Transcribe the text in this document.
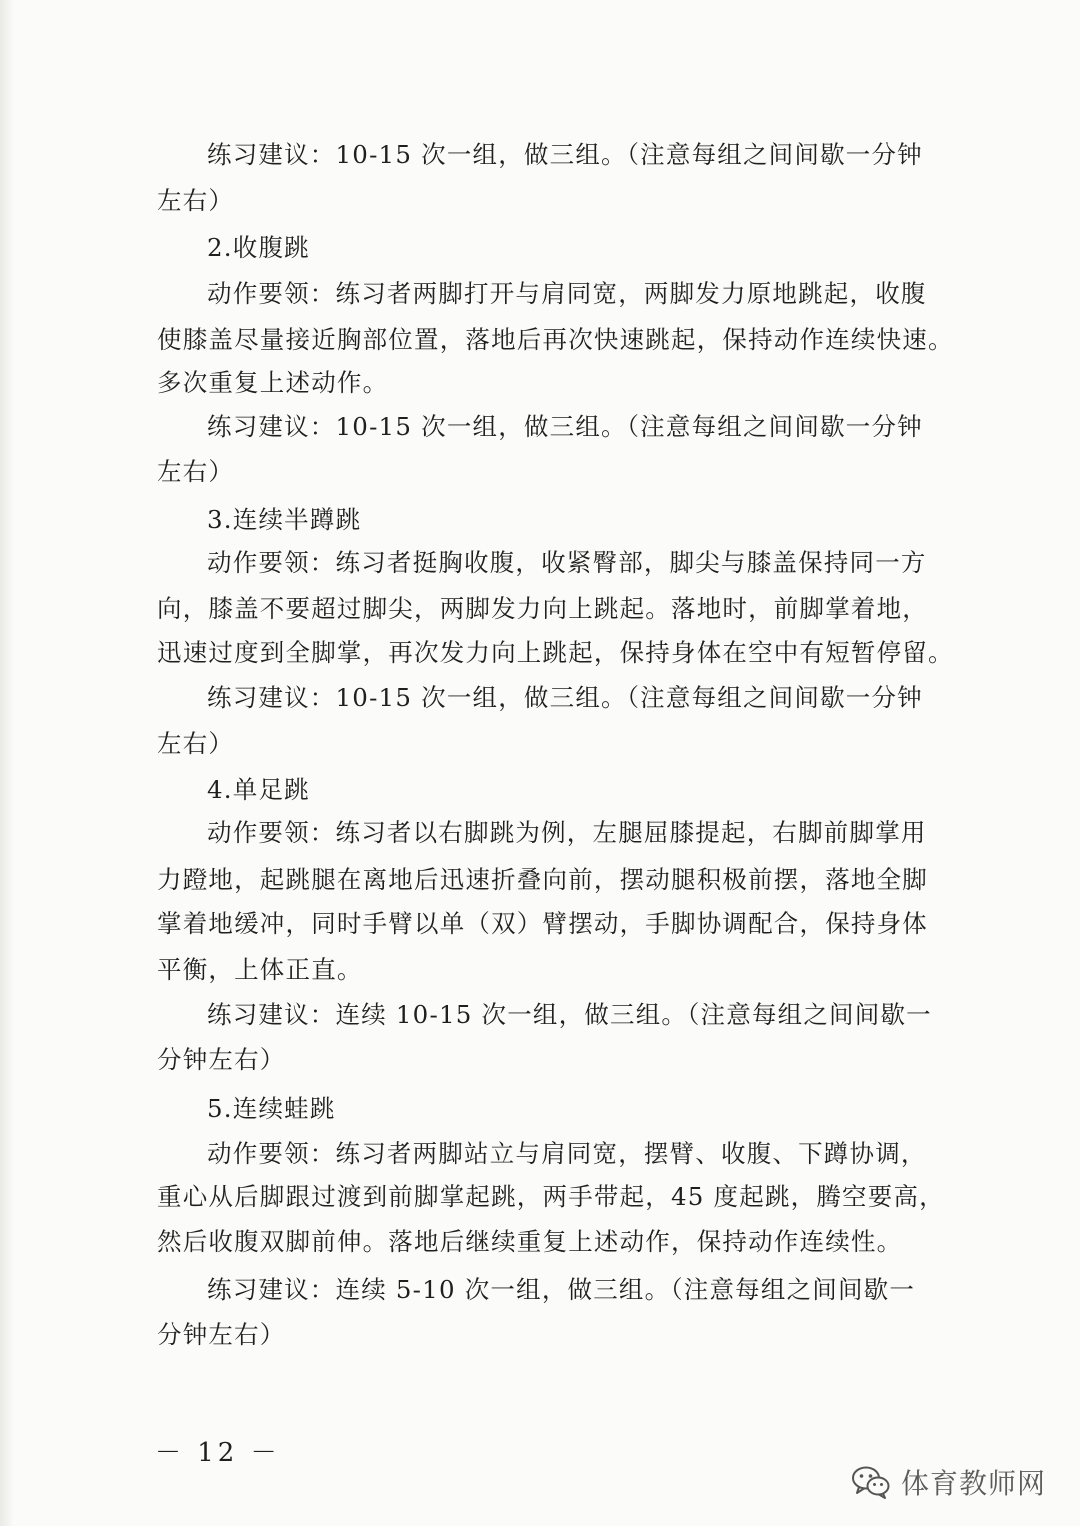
练习建议：10-15 次一组，做三组。（注意每组之间间歇一分钟
左右）
2.收腹跳
动作要领：练习者两脚打开与肩同宽，两脚发力原地跳起，收腹
使膝盖尽量接近胸部位置，落地后再次快速跳起，保持动作连续快速。
多次重复上述动作。
练习建议：10-15 次一组，做三组。（注意每组之间间歇一分钟
左右）
3.连续半蹲跳
动作要领：练习者挺胸收腹，收紧臀部，脚尖与膝盖保持同一方
向，膝盖不要超过脚尖，两脚发力向上跳起。落地时，前脚掌着地，
迅速过度到全脚掌，再次发力向上跳起，保持身体在空中有短暂停留。
练习建议：10-15 次一组，做三组。（注意每组之间间歇一分钟
左右）
4.单足跳
动作要领：练习者以右脚跳为例，左腿屈膝提起，右脚前脚掌用
力蹬地，起跳腿在离地后迅速折叠向前，摆动腿积极前摆，落地全脚
掌着地缓冲，同时手臂以单（双）臂摆动，手脚协调配合，保持身体
平衡，上体正直。
练习建议：连续 10-15 次一组，做三组。（注意每组之间间歇一
分钟左右）
5.连续蛙跳
动作要领：练习者两脚站立与肩同宽，摆臂、收腹、下蹲协调，
重心从后脚跟过渡到前脚掌起跳，两手带起，45 度起跳，腾空要高，
然后收腹双脚前伸。落地后继续重复上述动作，保持动作连续性。
练习建议：连续 5-10 次一组，做三组。（注意每组之间间歇一
分钟左右）
－ 12 －
体育教师网
